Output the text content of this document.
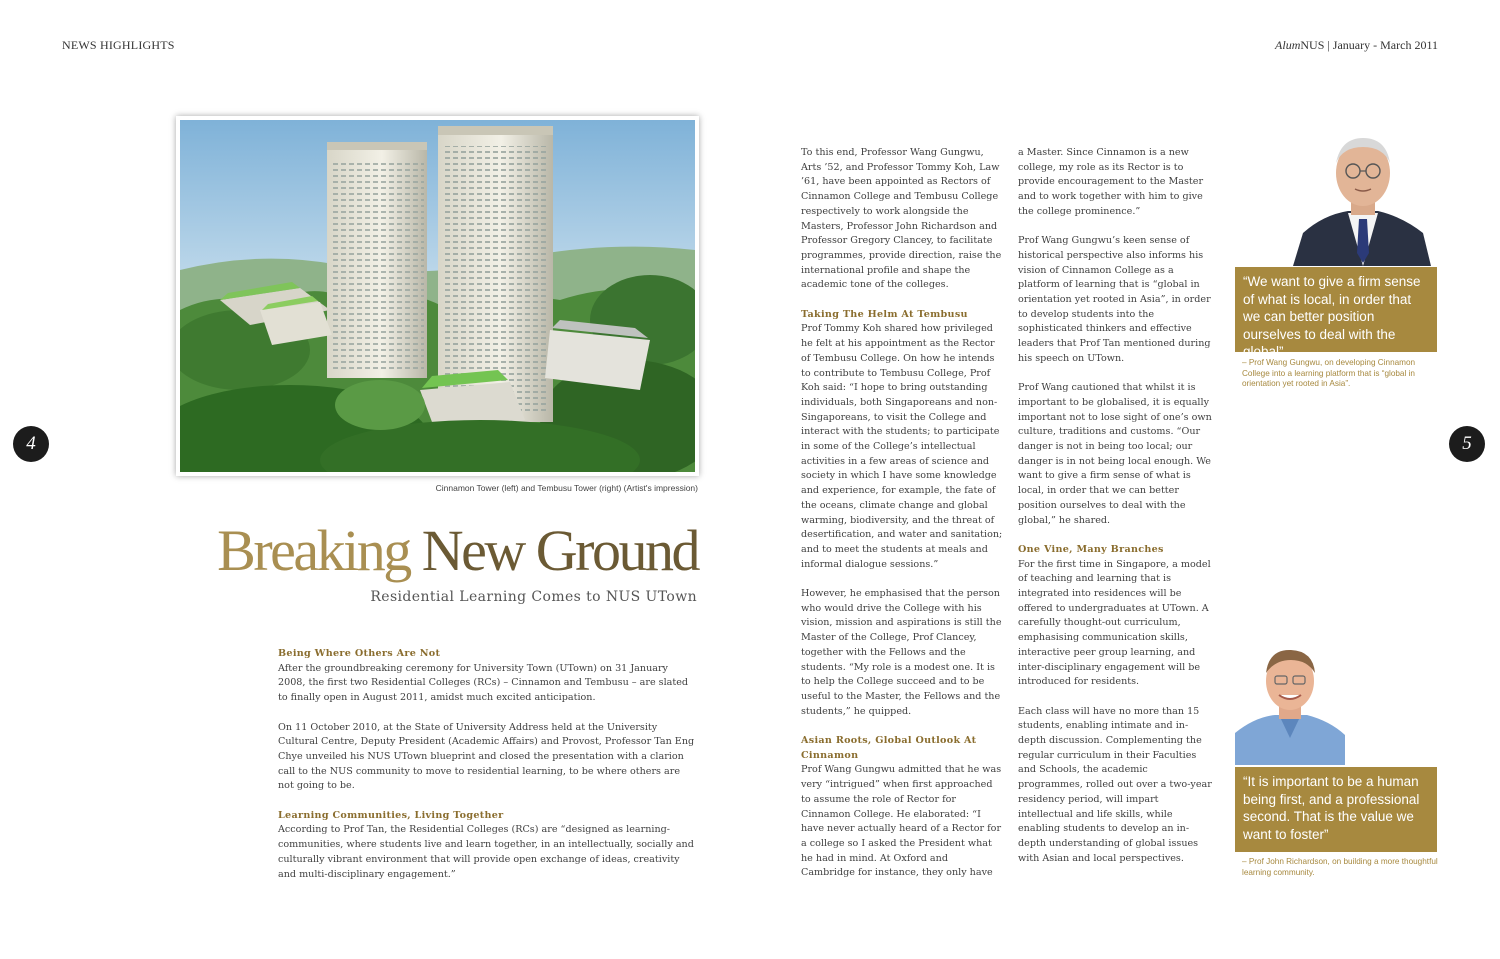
NEWS HIGHLIGHTS	AlumNUS | January - March 2011
4	5
Cinnamon Tower (left) and Tembusu Tower (right) (Artist's impression)
Breaking New Ground
Residential Learning Comes to NUS UTown
Being Where Others Are Not

After the groundbreaking ceremony for University Town (UTown) on 31 January 2008, the first two Residential Colleges (RCs) – Cinnamon and Tembusu – are slated to finally open in August 2011, amidst much excited anticipation.

On 11 October 2010, at the State of University Address held at the University Cultural Centre, Deputy President (Academic Affairs) and Provost, Professor Tan Eng Chye unveiled his NUS UTown blueprint and closed the presentation with a clarion call to the NUS community to move to residential learning, to be where others are not going to be.

Learning Communities, Living Together

According to Prof Tan, the Residential Colleges (RCs) are “designed as learning-communities, where students live and learn together, in an intellectually, socially and culturally vibrant environment that will provide open exchange of ideas, creativity and multi-disciplinary engagement.”

To this end, Professor Wang Gungwu, Arts ’52, and Professor Tommy Koh, Law ’61, have been appointed as Rectors of Cinnamon College and Tembusu College respectively to work alongside the Masters, Professor John Richardson and Professor Gregory Clancey, to facilitate programmes, provide direction, raise the international profile and shape the academic tone of the colleges.

Taking The Helm At Tembusu

Prof Tommy Koh shared how privileged he felt at his appointment as the Rector of Tembusu College. On how he intends to contribute to Tembusu College, Prof Koh said: “I hope to bring outstanding individuals, both Singaporeans and non-Singaporeans, to visit the College and interact with the students; to participate in some of the College’s intellectual activities in a few areas of science and society in which I have some knowledge and experience, for example, the fate of the oceans, climate change and global warming, biodiversity, and the threat of desertification, and water and sanitation; and to meet the students at meals and informal dialogue sessions.”

However, he emphasised that the person who would drive the College with his vision, mission and aspirations is still the Master of the College, Prof Clancey, together with the Fellows and the students. “My role is a modest one. It is to help the College succeed and to be useful to the Master, the Fellows and the students,” he quipped.

Asian Roots, Global Outlook At Cinnamon

Prof Wang Gungwu admitted that he was very “intrigued” when first approached to assume the role of Rector for Cinnamon College. He elaborated: “I have never actually heard of a Rector for a college so I asked the President what he had in mind. At Oxford and Cambridge for instance, they only have

a Master. Since Cinnamon is a new college, my role as its Rector is to provide encouragement to the Master and to work together with him to give the college prominence.”

Prof Wang Gungwu’s keen sense of historical perspective also informs his vision of Cinnamon College as a platform of learning that is “global in orientation yet rooted in Asia”, in order to develop students into the sophisticated thinkers and effective leaders that Prof Tan mentioned during his speech on UTown.

Prof Wang cautioned that whilst it is important to be globalised, it is equally important not to lose sight of one’s own culture, traditions and customs. “Our danger is not in being too local; our danger is in not being local enough. We want to give a firm sense of what is local, in order that we can better position ourselves to deal with the global,” he shared.

One Vine, Many Branches

For the first time in Singapore, a model of teaching and learning that is integrated into residences will be offered to undergraduates at UTown. A carefully thought-out curriculum, emphasising communication skills, interactive peer group learning, and inter-disciplinary engagement will be introduced for residents.

Each class will have no more than 15 students, enabling intimate and in-depth discussion. Complementing the regular curriculum in their Faculties and Schools, the academic programmes, rolled out over a two-year residency period, will impart intellectual and life skills, while enabling students to develop an in-depth understanding of global issues with Asian and local perspectives.

“We want to give a firm sense of what is local, in order that we can better position ourselves to deal with the global”
– Prof Wang Gungwu, on developing Cinnamon College into a learning platform that is “global in orientation yet rooted in Asia”.
“It is important to be a human being first, and a professional second. That is the value we want to foster”
– Prof John Richardson, on building a more thoughtful learning community.
